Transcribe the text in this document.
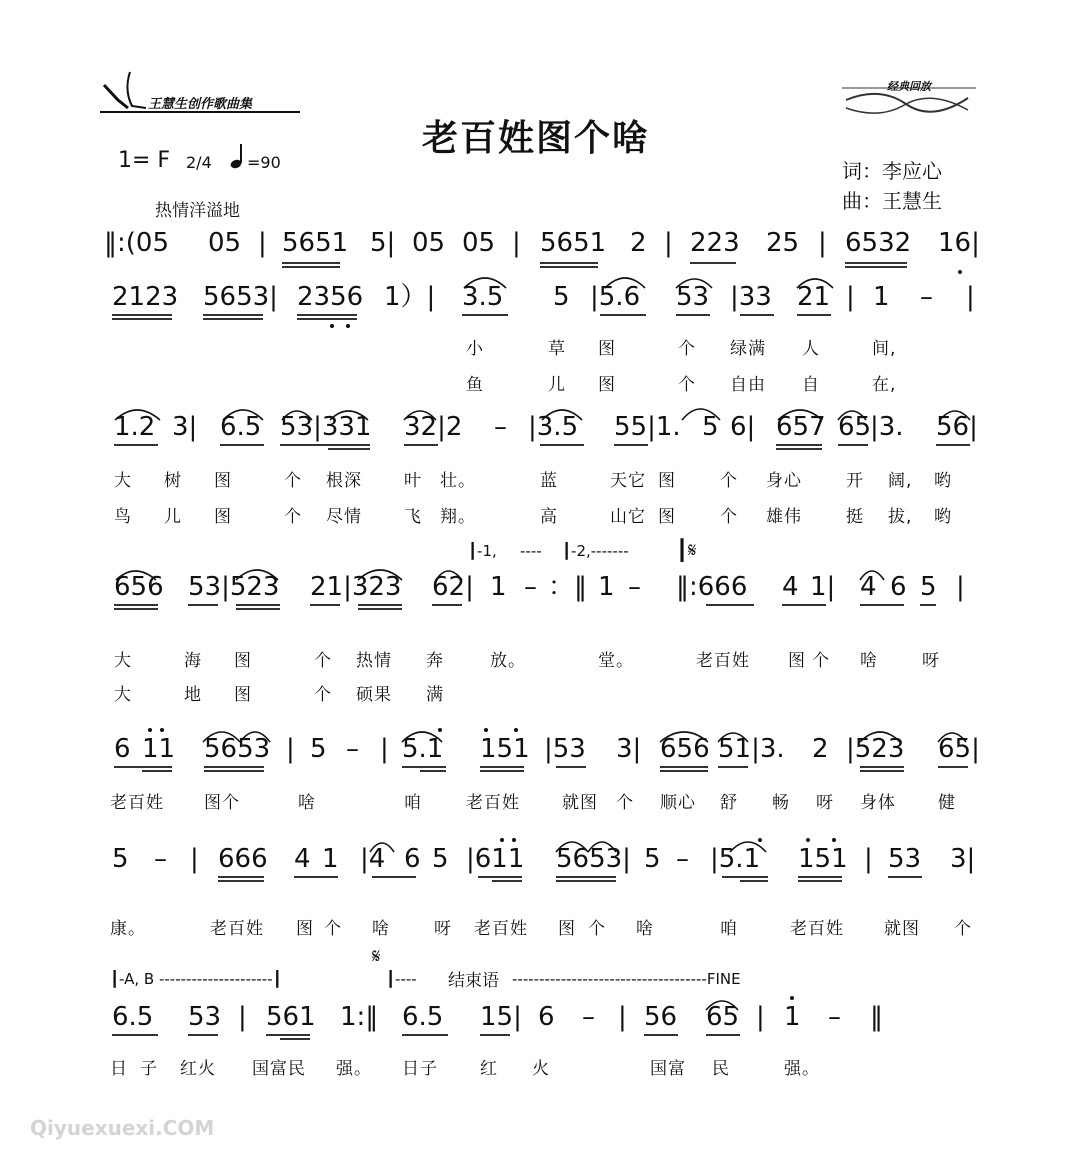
王慧生创作歌曲集
经典回放
老百姓图个啥
1= F 2/4 =90	词：李应心
曲：王慧生
热情洋溢地
‖:(05 05 | 5651 5| 05 05 | 5651 2 | 223 25 | 6532 16|
2123 5653| 2356 1）| 3.5 5 |5.6 53 |33 21 | 1 – |
小	草 图	个 绿满 人	间,
鱼	儿 图	个 自由 自	在,
1.2 3| 6.5 53|331 32|2 – |3.5 55|1. 5 6| 657 65
|3. 56|
大 树 图	个 根深 叶 壮。	蓝	天它 图	个 身心	开 阔, 哟
鸟 儿 图	个 尽情 飞 翔。	高	山它 图	个 雄伟	挺 拔, 哟
┃-1, ---- ┃-2,------- ┃𝄋
656 53|523 21|323 62| 1 – ：‖ 1 – ‖:666 4 1| 4 6 5 |
大	海 图	个 热情 奔	放。	堂。	老百姓 图 个 啥	呀
大	地 图	个 硕果 满
6 11 5653 | 5 – | 5.1 151 |53 3| 656 51|3. 2 |523 65|
老百姓 图个	啥	咱	老百姓 就图 个 顺心 舒 畅 呀 身体 健
5 – | 666 4 1 |4 6 5 |611 5653| 5 – |5.1 151 | 53 3|
康。	老百姓 图 个 啥	呀 老百姓 图 个 啥	咱	老百姓 就图 个
┃-A, B ---------------------┃
𝄋
┃---- 结束语 ------------------------------------FINE
6.5 53 | 561 1:‖ 6.5 15| 6 – | 56 65 | 1 – ‖
日 子 红火 国富民 强。 日子 红 火	国富 民	强。
Qiyuexuexi.COM
